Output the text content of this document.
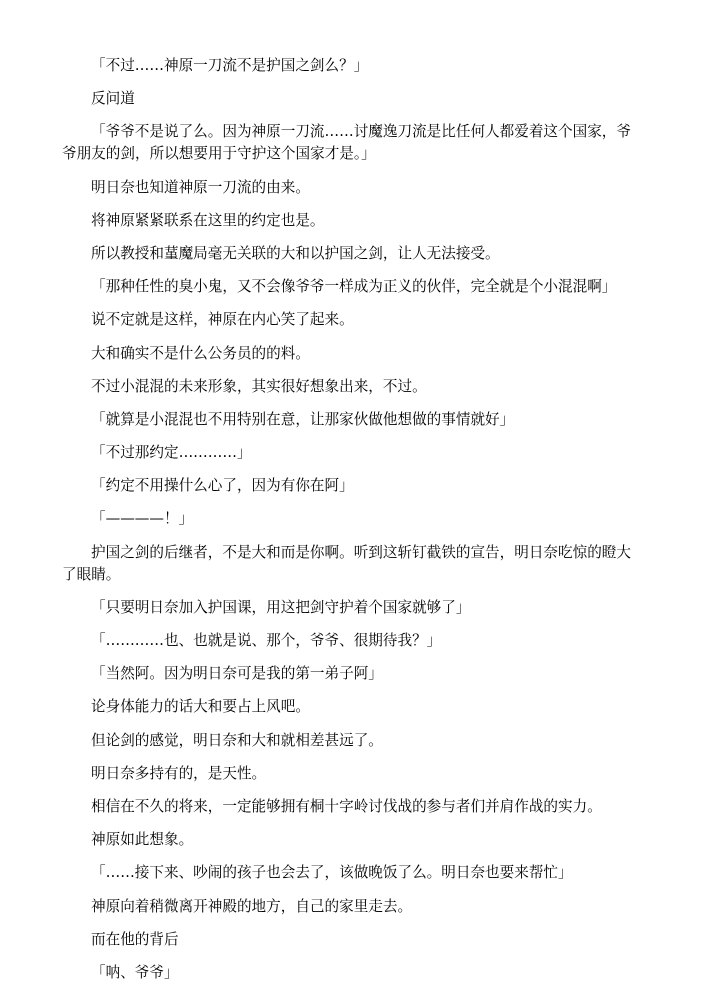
「不过……神原一刀流不是护国之剑么？」

反问道

「爷爷不是说了么。因为神原一刀流……讨魔逸刀流是比任何人都爱着这个国家，爷爷朋友的剑，所以想要用于守护这个国家才是。」

明日奈也知道神原一刀流的由来。

将神原紧紧联系在这里的约定也是。

所以教授和蓳魔局毫无关联的大和以护国之剑，让人无法接受。

「那种任性的臭小鬼，又不会像爷爷一样成为正义的伙伴，完全就是个小混混啊」

说不定就是这样，神原在内心笑了起来。

大和确实不是什么公务员的的料。

不过小混混的未来形象，其实很好想象出来，不过。

「就算是小混混也不用特别在意，让那家伙做他想做的事情就好」

「不过那约定…………」

「约定不用操什么心了，因为有你在阿」

「————！」

护国之剑的后继者，不是大和而是你啊。听到这斩钉截铁的宣告，明日奈吃惊的瞪大了眼睛。

「只要明日奈加入护国课，用这把剑守护着个国家就够了」

「…………也、也就是说、那个，爷爷、很期待我？」

「当然阿。因为明日奈可是我的第一弟子阿」

论身体能力的话大和要占上风吧。

但论剑的感觉，明日奈和大和就相差甚远了。

明日奈多持有的，是天性。

相信在不久的将来，一定能够拥有桐十字岭讨伐战的参与者们并肩作战的实力。

神原如此想象。

「……接下来、吵闹的孩子也会去了，该做晚饭了么。明日奈也要来帮忙」

神原向着稍微离开神殿的地方，自己的家里走去。

而在他的背后

「呐、爷爷」
